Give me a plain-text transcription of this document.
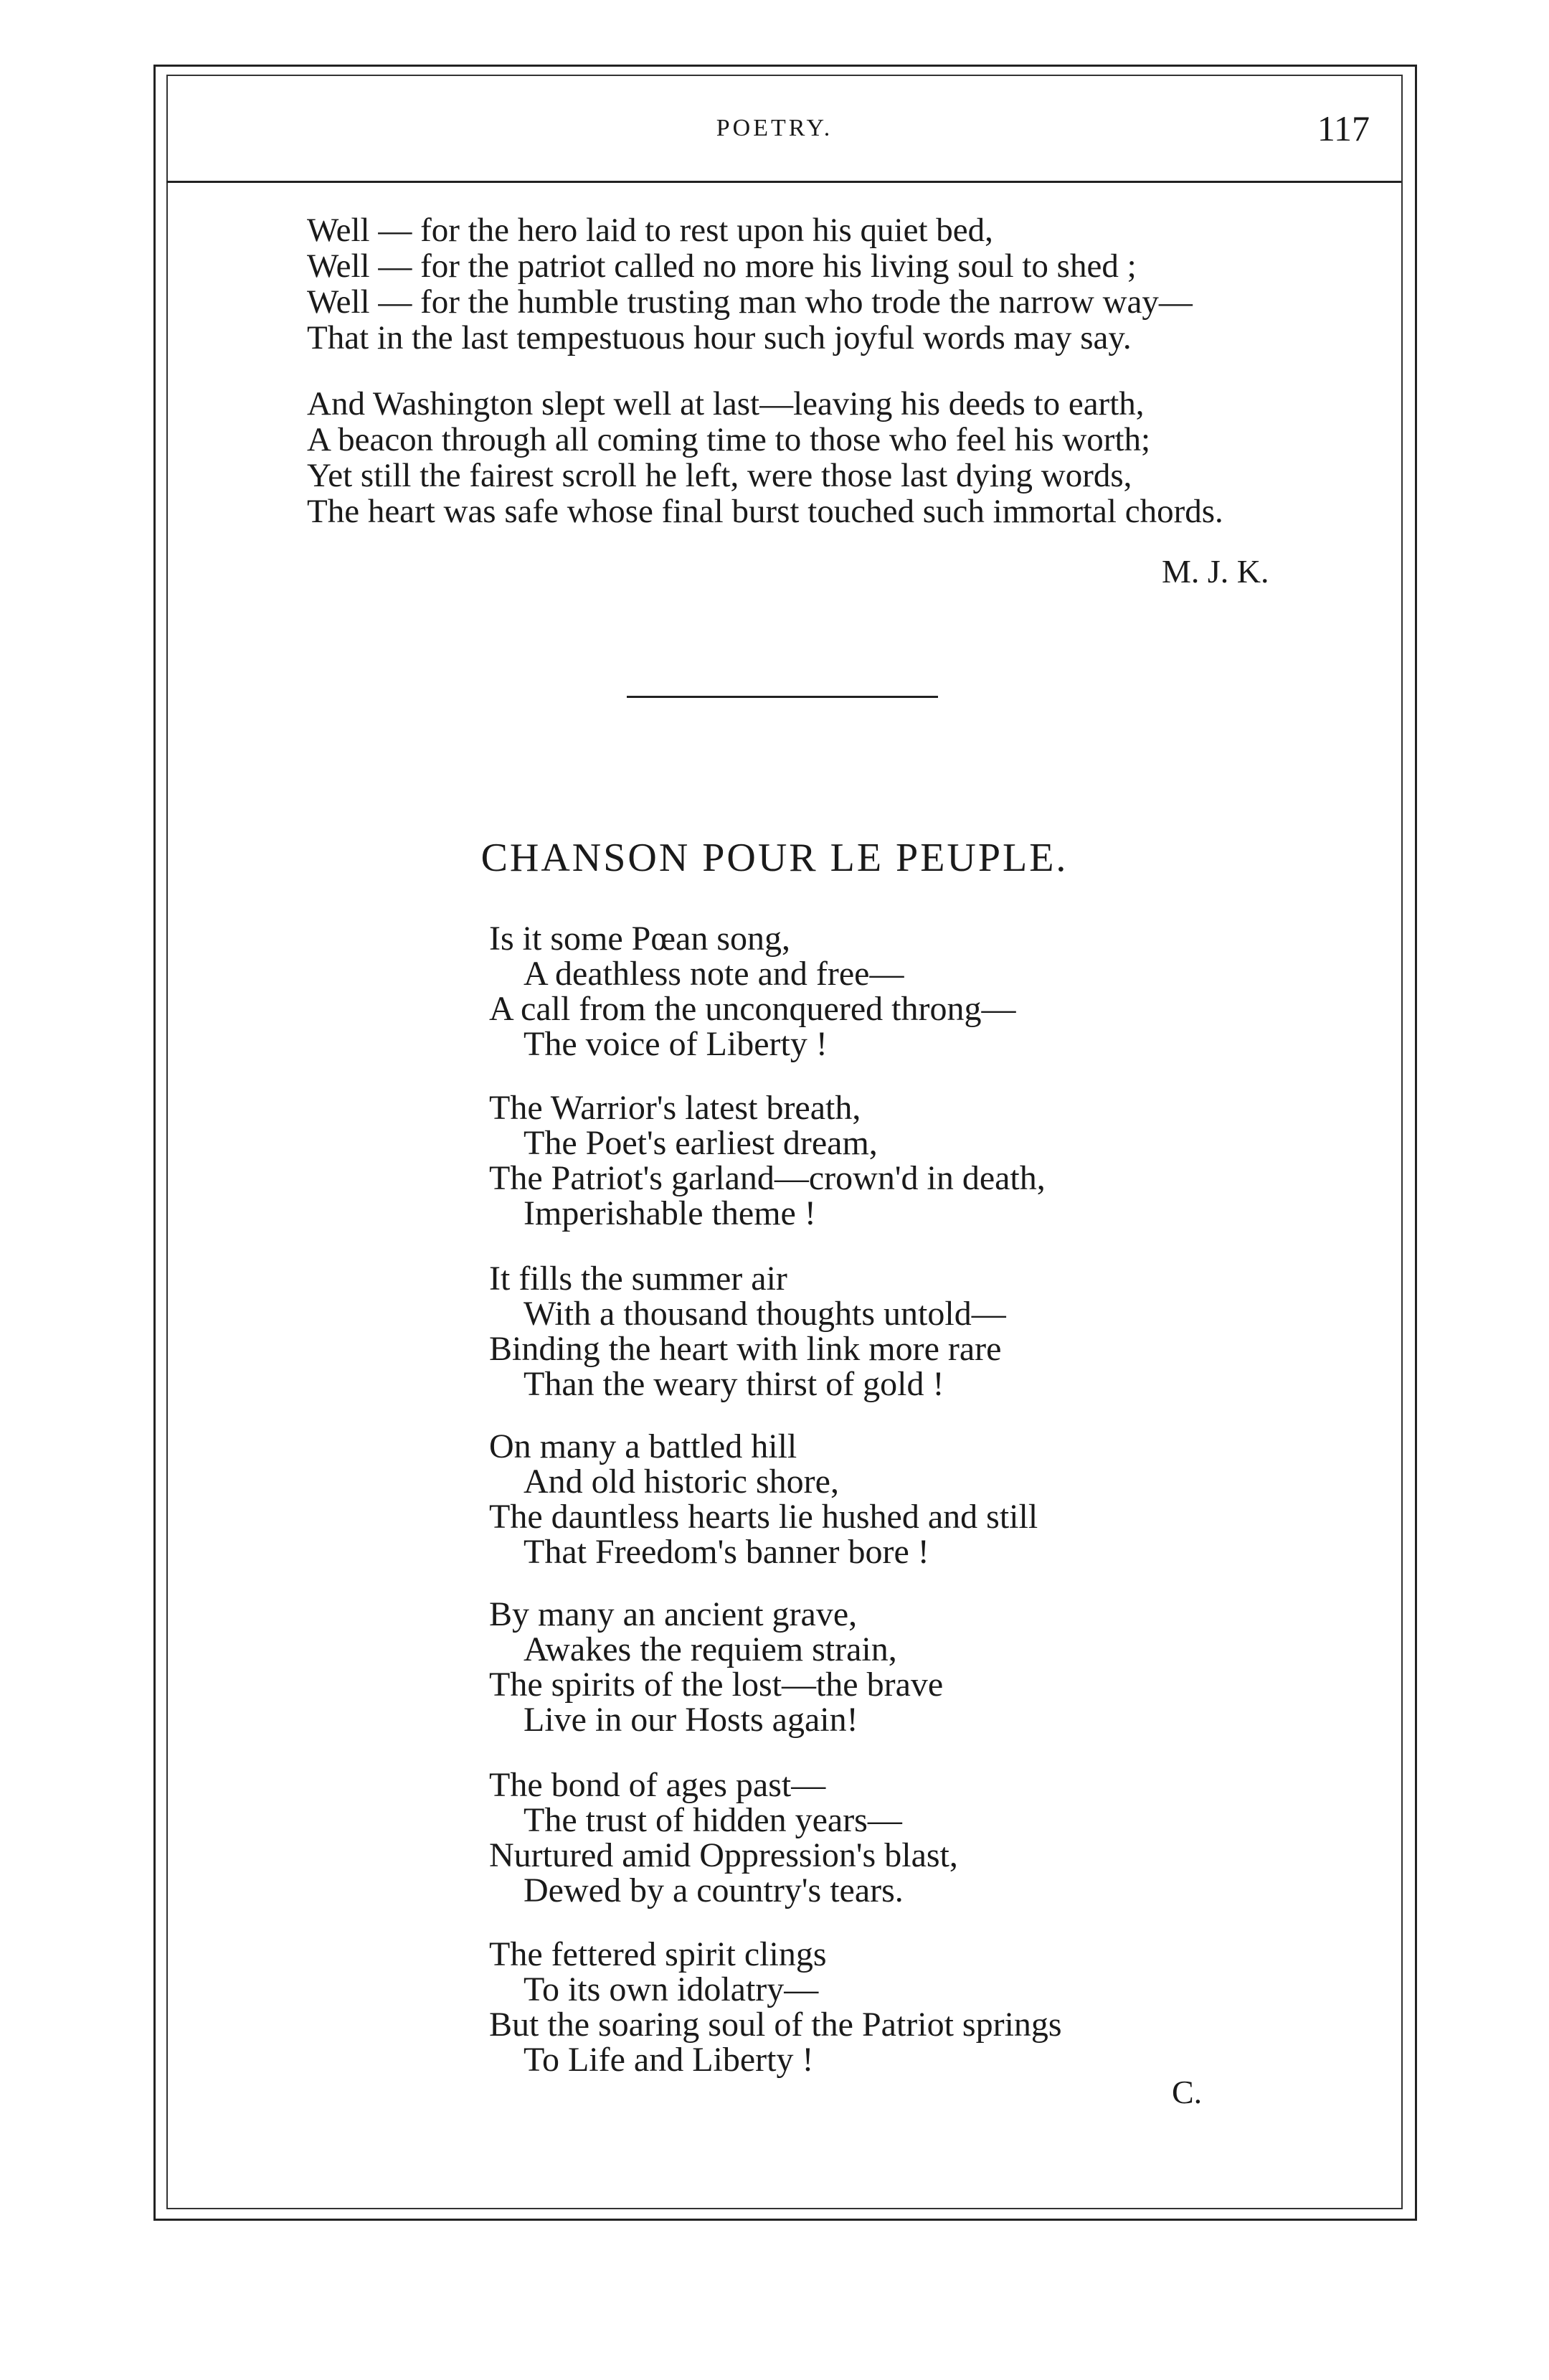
POETRY.	117
Well — for the hero laid to rest upon his quiet bed,
Well — for the patriot called no more his living soul to shed ;
Well — for the humble trusting man who trode the narrow way—
That in the last tempestuous hour such joyful words may say.
And Washington slept well at last—leaving his deeds to earth,
A beacon through all coming time to those who feel his worth;
Yet still the fairest scroll he left, were those last dying words,
The heart was safe whose final burst touched such immortal chords.
M. J. K.
CHANSON POUR LE PEUPLE.
Is it some Pœan song,
A deathless note and free—
A call from the unconquered throng—
The voice of Liberty !
The Warrior's latest breath,
The Poet's earliest dream,
The Patriot's garland—crown'd in death,
Imperishable theme !
It fills the summer air
With a thousand thoughts untold—
Binding the heart with link more rare
Than the weary thirst of gold !
On many a battled hill
And old historic shore,
The dauntless hearts lie hushed and still
That Freedom's banner bore !
By many an ancient grave,
Awakes the requiem strain,
The spirits of the lost—the brave
Live in our Hosts again!
The bond of ages past—
The trust of hidden years—
Nurtured amid Oppression's blast,
Dewed by a country's tears.
The fettered spirit clings
To its own idolatry—
But the soaring soul of the Patriot springs
To Life and Liberty !
C.
